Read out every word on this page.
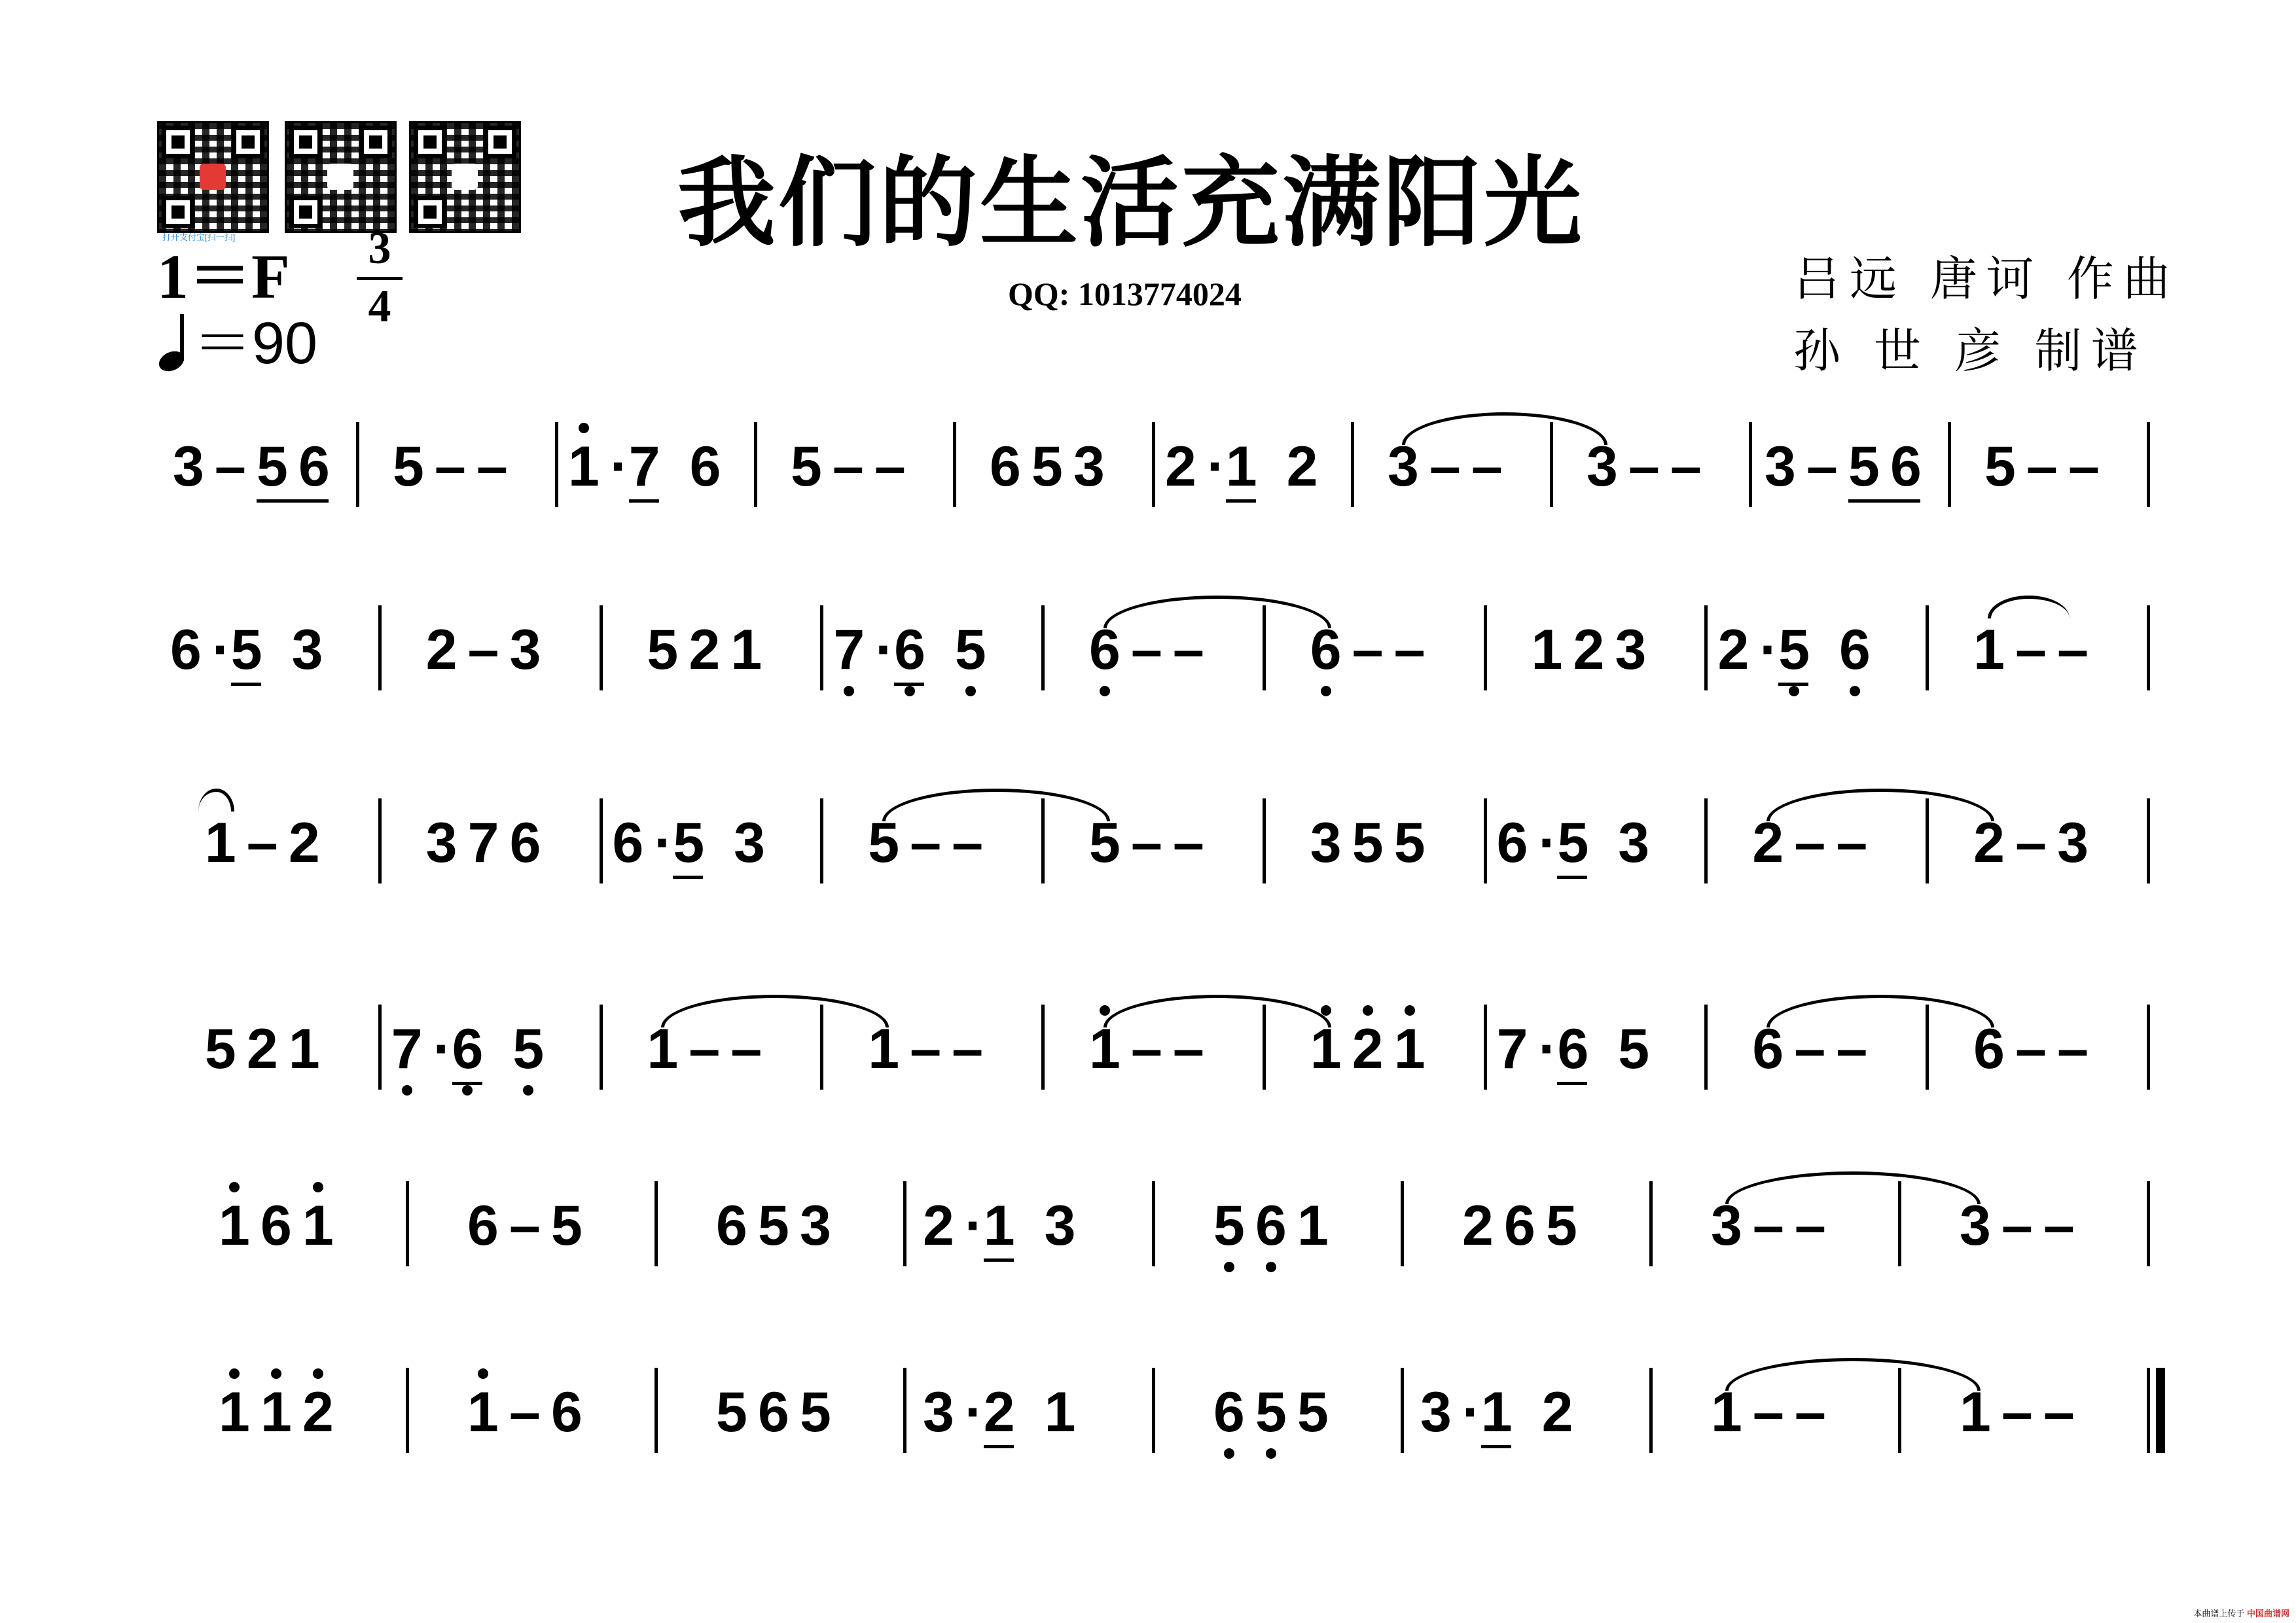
打开支付宝[扫一扫]	我们的生活充满阳光
QQ: 1013774024	吕远 唐诃 作曲
孙 世 彦 制谱
1＝F 3
4
＝90
3 – 5 6 5 – – 1 · 7 6 5 – – 6 5 3 2 · 1 2 3 – – 3 – – 3 – 5 6 5 – –
6 · 5 3 2 – 3 5 2 1 7 · 6 5 6 – – 6 – – 1 2 3 2 · 5 6 1 – –
1 – 2 3 7 6 6 · 5 3 5 – – 5 – – 3 5 5 6 · 5 3 2 – – 2 – 3
5 2 1 7 · 6 5 1 – – 1 – – 1 – – 1 2 1 7 · 6 5 6 – – 6 – –
1 6 1 6 – 5 6 5 3 2 · 1 3 5 6 1 2 6 5 3 – – 3 – –
1 1 2 1 – 6 5 6 5 3 · 2 1 6 5 5 3 · 1 2 1 – – 1 – –
本曲谱上传于 中国曲谱网
